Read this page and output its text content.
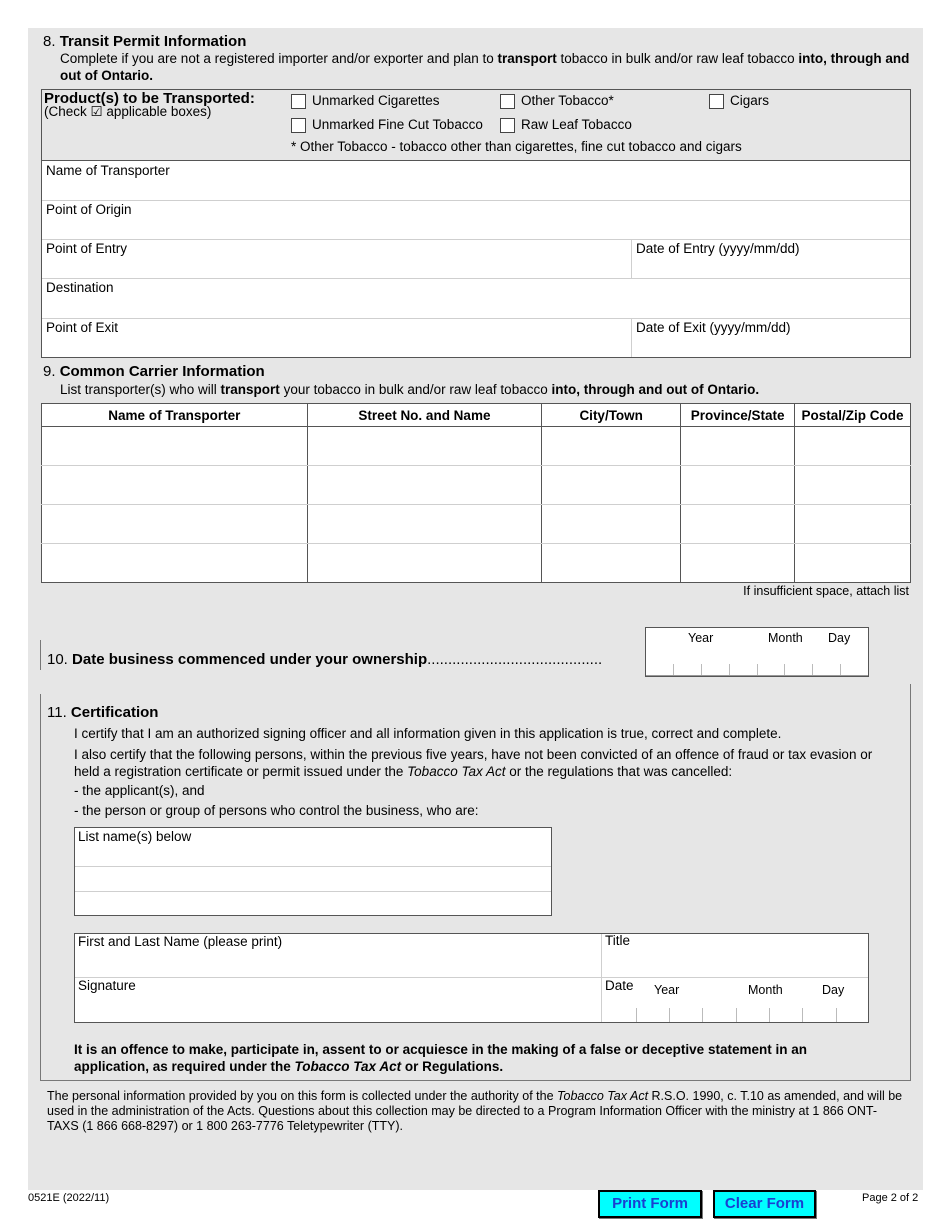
8. Transit Permit Information
Complete if you are not a registered importer and/or exporter and plan to transport tobacco in bulk and/or raw leaf tobacco into, through and out of Ontario.
Product(s) to be Transported:
(Check ☑ applicable boxes)
Unmarked Cigarettes	Other Tobacco*	Cigars
Unmarked Fine Cut Tobacco	Raw Leaf Tobacco
* Other Tobacco - tobacco other than cigarettes, fine cut tobacco and cigars
Name of Transporter
Point of Origin
Point of Entry	Date of Entry (yyyy/mm/dd)
Destination
Point of Exit	Date of Exit (yyyy/mm/dd)
9. Common Carrier Information
List transporter(s) who will transport your tobacco in bulk and/or raw leaf tobacco into, through and out of Ontario.
Name of Transporter	Street No. and Name	City/Town	Province/State	Postal/Zip Code

If insufficient space, attach list
10. Date business commenced under your ownership..........................................
Year	Month Day
11. Certification
I certify that I am an authorized signing officer and all information given in this application is true, correct and complete.
I also certify that the following persons, within the previous five years, have not been convicted of an offence of fraud or tax evasion or held a registration certificate or permit issued under the Tobacco Tax Act or the regulations that was cancelled:
- the applicant(s), and
- the person or group of persons who control the business, who are:
List name(s) below
First and Last Name (please print)	Title
Signature	Date Year	Month	Day
It is an offence to make, participate in, assent to or acquiesce in the making of a false or deceptive statement in an application, as required under the Tobacco Tax Act or Regulations.
The personal information provided by you on this form is collected under the authority of the Tobacco Tax Act R.S.O. 1990, c. T.10 as amended, and will be used in the administration of the Acts. Questions about this collection may be directed to a Program Information Officer with the ministry at 1 866 ONT-TAXS (1 866 668-8297) or 1 800 263-7776 Teletypewriter (TTY).
0521E (2022/11)	Print Form	Clear Form	Page 2 of 2
